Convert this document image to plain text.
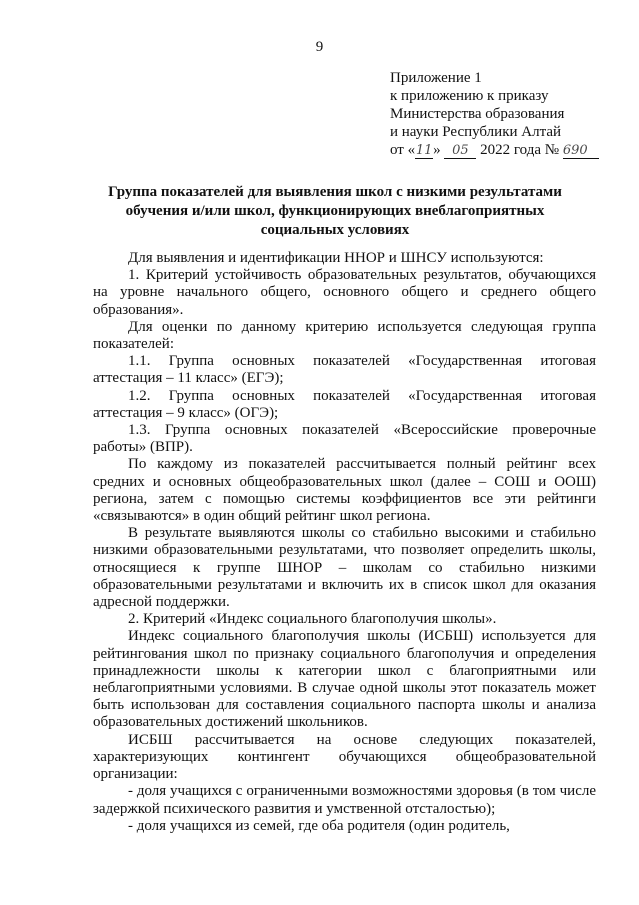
9
Приложение 1
к приложению к приказу
Министерства образования
и науки Республики Алтай
от «11» 05 2022 года № 690
Группа показателей для выявления школ с низкими результатами обучения и/или школ, функционирующих внеблагоприятных социальных условиях

Для выявления и идентификации ННОР и ШНСУ используются:

1. Критерий устойчивость образовательных результатов, обучающихся на уровне начального общего, основного общего и среднего общего образования».

Для оценки по данному критерию используется следующая группа показателей:

1.1. Группа основных показателей «Государственная итоговая аттестация – 11 класс» (ЕГЭ);

1.2. Группа основных показателей «Государственная итоговая аттестация – 9 класс» (ОГЭ);

1.3. Группа основных показателей «Всероссийские проверочные работы» (ВПР).

По каждому из показателей рассчитывается полный рейтинг всех средних и основных общеобразовательных школ (далее – СОШ и ООШ) региона, затем с помощью системы коэффициентов все эти рейтинги «связываются» в один общий рейтинг школ региона.

В результате выявляются школы со стабильно высокими и стабильно низкими образовательными результатами, что позволяет определить школы, относящиеся к группе ШНОР – школам со стабильно низкими образовательными результатами и включить их в список школ для оказания адресной поддержки.

2. Критерий «Индекс социального благополучия школы».

Индекс социального благополучия школы (ИСБШ) используется для рейтингования школ по признаку социального благополучия и определения принадлежности школы к категории школ с благоприятными или неблагоприятными условиями. В случае одной школы этот показатель может быть использован для составления социального паспорта школы и анализа образовательных достижений школьников.

ИСБШ рассчитывается на основе следующих показателей, характеризующих контингент обучающихся общеобразовательной организации:

- доля учащихся с ограниченными возможностями здоровья (в том числе задержкой психического развития и умственной отсталостью);

- доля учащихся из семей, где оба родителя (один родитель,
